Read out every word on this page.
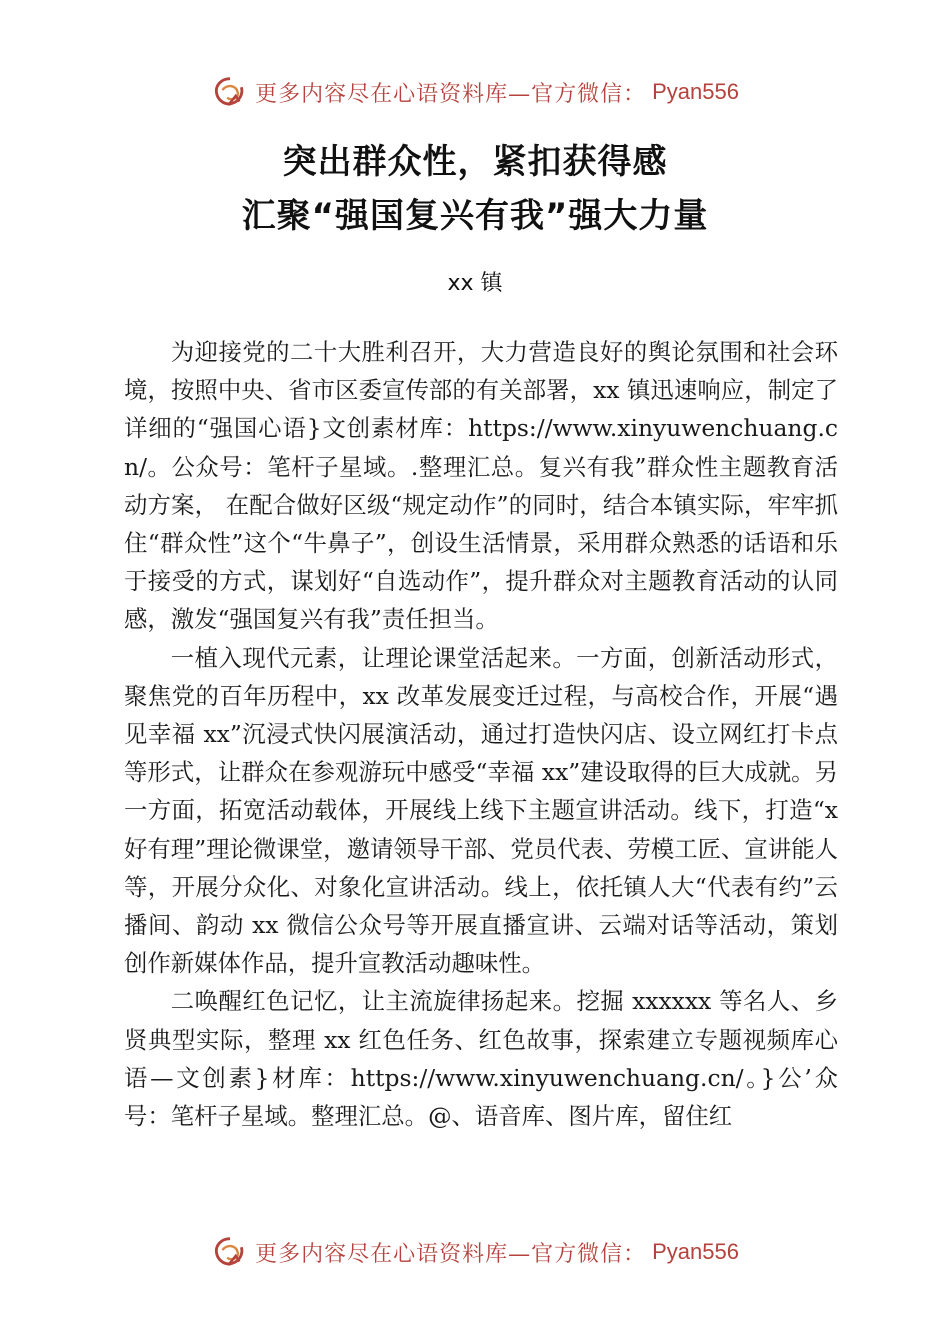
更多内容尽在心语资料库—官方微信： Pyan556
突出群众性，紧扣获得感
汇聚“强国复兴有我”强大力量
xx 镇

为迎接党的二十大胜利召开，大力营造良好的舆论氛围和社会环境，按照中央、省市区委宣传部的有关部署，xx 镇迅速响应，制定了详细的“强国心语}文创素材库：https://www.xinyuwenchuang.cn/。公众号：笔杆子星域。.整理汇总。复兴有我”群众性主题教育活动方案， 在配合做好区级“规定动作”的同时，结合本镇实际，牢牢抓住“群众性”这个“牛鼻子”，创设生活情景，采用群众熟悉的话语和乐于接受的方式，谋划好“自选动作”，提升群众对主题教育活动的认同感，激发“强国复兴有我”责任担当。

一植入现代元素，让理论课堂活起来。一方面，创新活动形式，聚焦党的百年历程中，xx 改革发展变迁过程，与高校合作，开展“遇见幸福 xx”沉浸式快闪展演活动，通过打造快闪店、设立网红打卡点等形式，让群众在参观游玩中感受“幸福 xx”建设取得的巨大成就。另一方面，拓宽活动载体，开展线上线下主题宣讲活动。线下，打造“x 好有理”理论微课堂，邀请领导干部、党员代表、劳模工匠、宣讲能人等，开展分众化、对象化宣讲活动。线上，依托镇人大“代表有约”云播间、韵动 xx 微信公众号等开展直播宣讲、云端对话等活动，策划创作新媒体作品，提升宣教活动趣味性。

二唤醒红色记忆，让主流旋律扬起来。挖掘 xxxxxx 等名人、乡贤典型实际，整理 xx 红色任务、红色故事，探索建立专题视频库心语—文创素}材库：https://www.xinyuwenchuang.cn/。}公’众号：笔杆子星域。整理汇总。@、语音库、图片库，留住红

更多内容尽在心语资料库—官方微信： Pyan556
